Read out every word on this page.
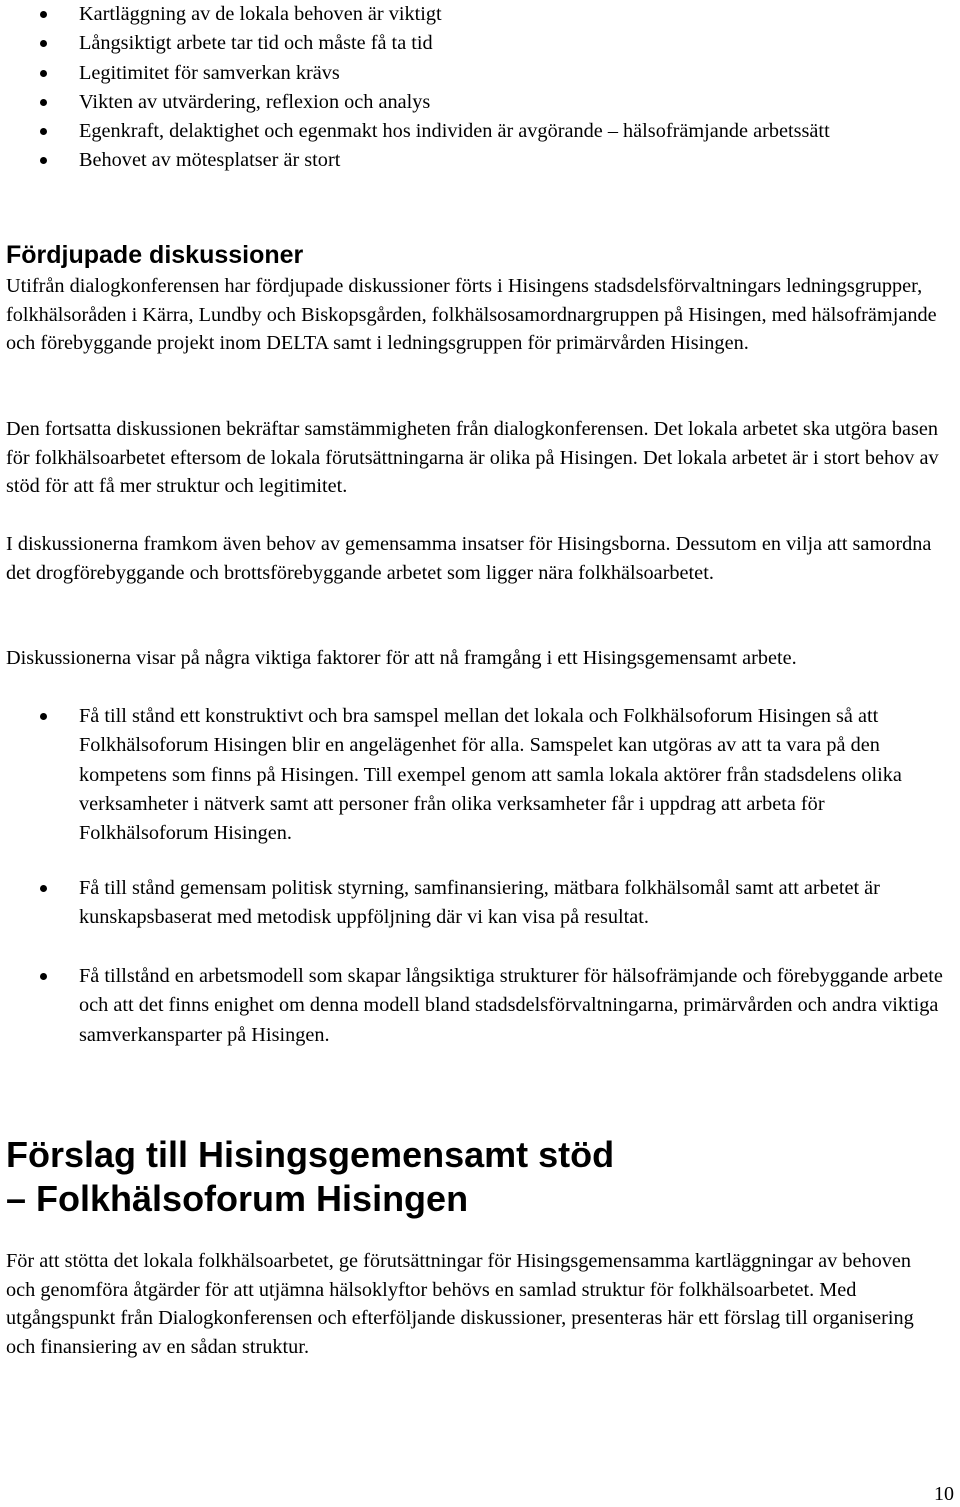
Kartläggning av de lokala behoven är viktigt
Långsiktigt arbete tar tid och måste få ta tid
Legitimitet för samverkan krävs
Vikten av utvärdering, reflexion och analys
Egenkraft, delaktighet och egenmakt hos individen är avgörande – hälsofrämjande arbetssätt
Behovet av mötesplatser är stort
Fördjupade diskussioner

Utifrån dialogkonferensen har fördjupade diskussioner förts i Hisingens stadsdelsförvaltningars ledningsgrupper, folkhälsoråden i Kärra, Lundby och Biskopsgården, folkhälsosamordnargruppen på Hisingen, med hälsofrämjande och förebyggande projekt inom DELTA samt i ledningsgruppen för primärvården Hisingen.

Den fortsatta diskussionen bekräftar samstämmigheten från dialogkonferensen. Det lokala arbetet ska utgöra basen för folkhälsoarbetet eftersom de lokala förutsättningarna är olika på Hisingen. Det lokala arbetet är i stort behov av stöd för att få mer struktur och legitimitet.

I diskussionerna framkom även behov av gemensamma insatser för Hisingsborna. Dessutom en vilja att samordna det drogförebyggande och brottsförebyggande arbetet som ligger nära folkhälsoarbetet.

Diskussionerna visar på några viktiga faktorer för att nå framgång i ett Hisingsgemensamt arbete.

Få till stånd ett konstruktivt och bra samspel mellan det lokala och Folkhälsoforum Hisingen så att Folkhälsoforum Hisingen blir en angelägenhet för alla. Samspelet kan utgöras av att ta vara på den kompetens som finns på Hisingen. Till exempel genom att samla lokala aktörer från stadsdelens olika verksamheter i nätverk samt att personer från olika verksamheter får i uppdrag att arbeta för Folkhälsoforum Hisingen.
Få till stånd gemensam politisk styrning, samfinansiering, mätbara folkhälsomål samt att arbetet är kunskapsbaserat med metodisk uppföljning där vi kan visa på resultat.
Få tillstånd en arbetsmodell som skapar långsiktiga strukturer för hälsofrämjande och förebyggande arbete och att det finns enighet om denna modell bland stadsdelsförvaltningarna, primärvården och andra viktiga samverkansparter på Hisingen.
Förslag till Hisingsgemensamt stöd
– Folkhälsoforum Hisingen

För att stötta det lokala folkhälsoarbetet, ge förutsättningar för Hisingsgemensamma kartläggningar av behoven och genomföra åtgärder för att utjämna hälsoklyftor behövs en samlad struktur för folkhälsoarbetet. Med utgångspunkt från Dialogkonferensen och efterföljande diskussioner, presenteras här ett förslag till organisering och finansiering av en sådan struktur.

10
